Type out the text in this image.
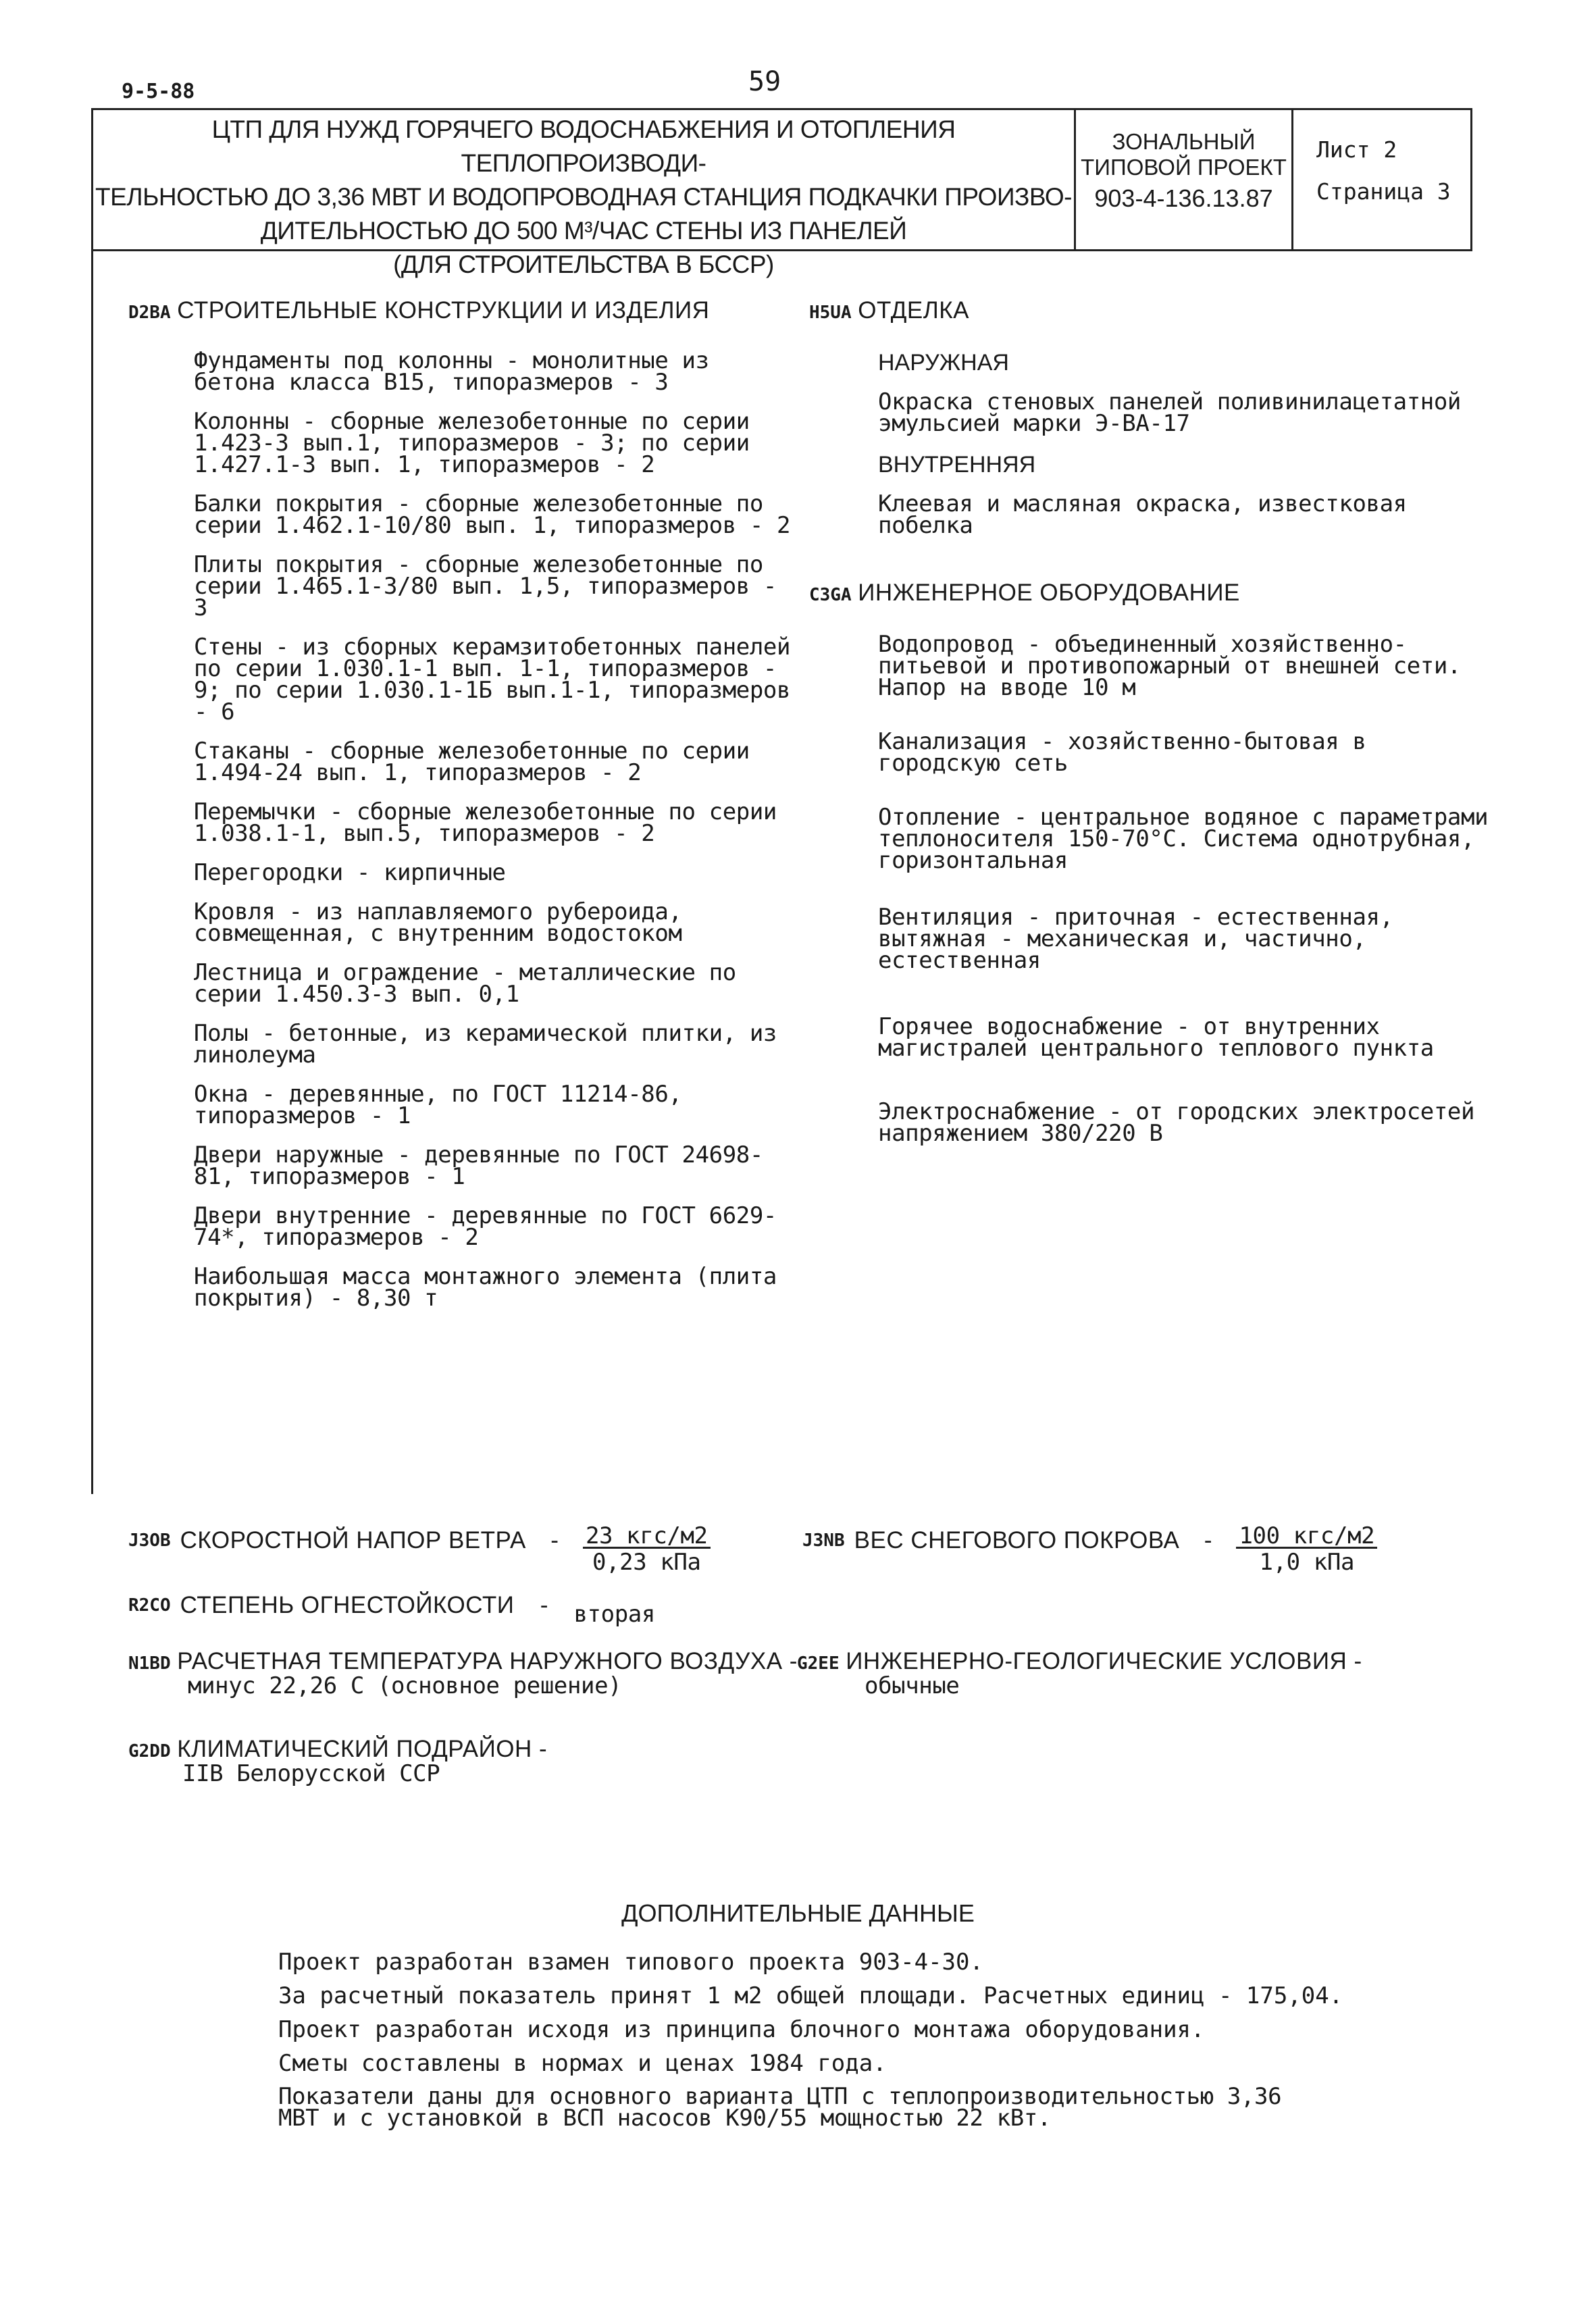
9-5-88	59
ЦТП ДЛЯ НУЖД ГОРЯЧЕГО ВОДОСНАБЖЕНИЯ И ОТОПЛЕНИЯ ТЕПЛОПРОИЗВОДИ-
ТЕЛЬНОСТЬЮ ДО 3,36 МВТ И ВОДОПРОВОДНАЯ СТАНЦИЯ ПОДКАЧКИ ПРОИЗВО-
ДИТЕЛЬНОСТЬЮ ДО 500 М³/ЧАС СТЕНЫ ИЗ ПАНЕЛЕЙ
(ДЛЯ СТРОИТЕЛЬСТВА В БССР)
ЗОНАЛЬНЫЙ
ТИПОВОЙ ПРОЕКТ
903-4-136.13.87
Лист 2
Страница 3
D2BA СТРОИТЕЛЬНЫЕ КОНСТРУКЦИИ И ИЗДЕЛИЯ	H5UA ОТДЕЛКА
Фундаменты под колонны - монолитные из бетона класса В15, типоразмеров - 3
Колонны - сборные железобетонные по серии 1.423-3 вып.1, типоразмеров - 3; по серии 1.427.1-3 вып. 1, типоразмеров - 2
Балки покрытия - сборные железобетонные по серии 1.462.1-10/80 вып. 1, типоразмеров - 2
Плиты покрытия - сборные железобетонные по серии 1.465.1-3/80 вып. 1,5, типоразмеров - 3
Стены - из сборных керамзитобетонных панелей по серии 1.030.1-1 вып. 1-1, типоразмеров - 9; по серии 1.030.1-1Б вып.1-1, типоразмеров - 6
Стаканы - сборные железобетонные по серии 1.494-24 вып. 1, типоразмеров - 2
Перемычки - сборные железобетонные по серии 1.038.1-1, вып.5, типоразмеров - 2
Перегородки - кирпичные
Кровля - из наплавляемого рубероида, совмещенная, с внутренним водостоком
Лестница и ограждение - металлические по серии 1.450.3-3 вып. 0,1
Полы - бетонные, из керамической плитки, из линолеума
Окна - деревянные, по ГОСТ 11214-86, типоразмеров - 1
Двери наружные - деревянные по ГОСТ 24698-81, типоразмеров - 1
Двери внутренние - деревянные по ГОСТ 6629-74*, типоразмеров - 2
Наибольшая масса монтажного элемента (плита покрытия) - 8,30 т
НАРУЖНАЯ
Окраска стеновых панелей поливинилацетатной эмульсией марки Э-ВА-17
ВНУТРЕННЯЯ
Клеевая и масляная окраска, известковая побелка
C3GA ИНЖЕНЕРНОЕ ОБОРУДОВАНИЕ
Водопровод - объединенный хозяйственно-питьевой и противопожарный от внешней сети. Напор на вводе 10 м
Канализация - хозяйственно-бытовая в городскую сеть
Отопление - центральное водяное с параметрами теплоносителя 150-70°С. Система однотрубная, горизонтальная
Вентиляция - приточная - естественная, вытяжная - механическая и, частично, естественная
Горячее водоснабжение - от внутренних магистралей центрального теплового пункта
Электроснабжение - от городских электросетей напряжением 380/220 В
J3OB СКОРОСТНОЙ НАПОР ВЕТРА - $\frac{\text{23 кгс/м2}}{\text{0,23 кПа}}$	J3NB ВЕС СНЕГОВОГО ПОКРОВА - $\frac{\text{100 кгс/м2}}{\text{1,0 кПа}}$
R2CO СТЕПЕНЬ ОГНЕСТОЙКОСТИ - вторая
N1BD РАСЧЕТНАЯ ТЕМПЕРАТУРА НАРУЖНОГО ВОЗДУХА -
минус 22,26 С (основное решение)
G2EE ИНЖЕНЕРНО-ГЕОЛОГИЧЕСКИЕ УСЛОВИЯ -
обычные
G2DD КЛИМАТИЧЕСКИЙ ПОДРАЙОН -
IIВ Белорусской ССР
ДОПОЛНИТЕЛЬНЫЕ ДАННЫЕ
Проект разработан взамен типового проекта 903-4-30.
За расчетный показатель принят 1 м2 общей площади. Расчетных единиц - 175,04.
Проект разработан исходя из принципа блочного монтажа оборудования.
Сметы составлены в нормах и ценах 1984 года.
Показатели даны для основного варианта ЦТП с теплопроизводительностью 3,36 МВТ и с установкой в ВСП насосов К90/55 мощностью 22 кВт.
